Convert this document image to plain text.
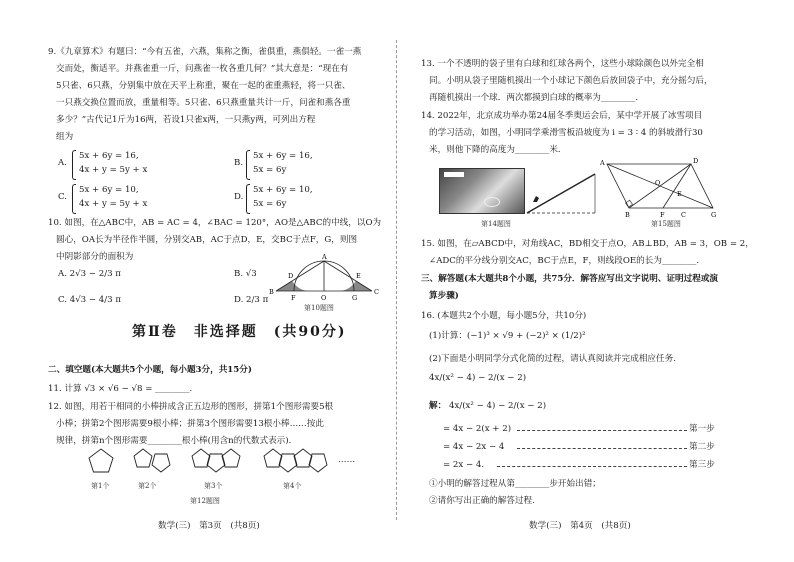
9.《九章算术》有题曰：“今有五雀，六燕，集称之衡，雀俱重，燕俱轻。一雀一燕
交而处，衡适平。并燕雀重一斤，问燕雀一枚各重几何？”其大意是：“现在有
5只雀、6只燕，分别集中放在天平上称重，聚在一起的雀重燕轻，将一只雀、
一只燕交换位置而放，重量相等。5只雀、6只燕重量共计一斤，问雀和燕各重
多少？”古代记1斤为16两，若设1只雀x两，一只燕y两，可列出方程
组为
A.
5x + 6y = 16,
4x + y = 5y + x
B.
5x + 6y = 16,
5x = 6y
C.
5x + 6y = 10,
4x + y = 5y + x
D.
5x + 6y = 10,
5x = 6y
10. 如图，在△ABC中，AB = AC = 4，∠BAC = 120°，AO是△ABC的中线，以O为
圆心，OA长为半径作半圆，分别交AB，AC于点D，E，交BC于点F，G，则图
中阴影部分的面积为
A. 2√3 − 2/3 π	B. √3
C. 4√3 − 4/3 π	D. 2/3 π
A
D	E
B	C
F	O	G
第10题图
第Ⅱ卷　非选择题　(共90分)
二、填空题(本大题共5个小题，每小题3分，共15分)
11. 计算 √3 × √6 − √8 = ________.
12. 如图，用若干相同的小棒拼成含正五边形的图形，拼第1个图形需要5根
小棒；拼第2个图形需要9根小棒；拼第3个图形需要13根小棒……按此
规律，拼第n个图形需要________根小棒(用含n的代数式表示).
……
第1个	第2个	第3个	第4个
第12题图
数学(三)　第3页　(共8页)
13. 一个不透明的袋子里有白球和红球各两个，这些小球除颜色以外完全相
同。小明从袋子里随机摸出一个小球记下颜色后放回袋子中，充分摇匀后，
再随机摸出一个球．两次都摸到白球的概率为________.
14. 2022年，北京成功举办第24届冬季奥运会后，某中学开展了冰雪项目
的学习活动，如图，小明同学乘滑雪板沿坡度为 i = 3 ∶ 4 的斜坡滑行30
米，则他下降的高度为________米.
第14题图
A	D
O
E
B	F	C	G
第15题图
15. 如图，在▱ABCD中，对角线AC，BD相交于点O，AB⊥BD，AB = 3，OB = 2，
∠ADC的平分线分别交AC，BC于点E，F，则线段OE的长为________.
三、解答题(本大题共8个小题，共75分．解答应写出文字说明、证明过程或演
算步骤)
16. (本题共2个小题，每小题5分，共10分)
(1)计算：(−1)³ × √9 + (−2)² × (1/2)²
(2)下面是小明同学分式化简的过程，请认真阅读并完成相应任务.
4x/(x² − 4) − 2/(x − 2)
解： 4x/(x² − 4) − 2/(x − 2)
= 4x − 2(x + 2)	第一步
= 4x − 2x − 4	第二步
= 2x − 4.	第三步
①小明的解答过程从第________步开始出错；
②请你写出正确的解答过程.
数学(三)　第4页　(共8页)
